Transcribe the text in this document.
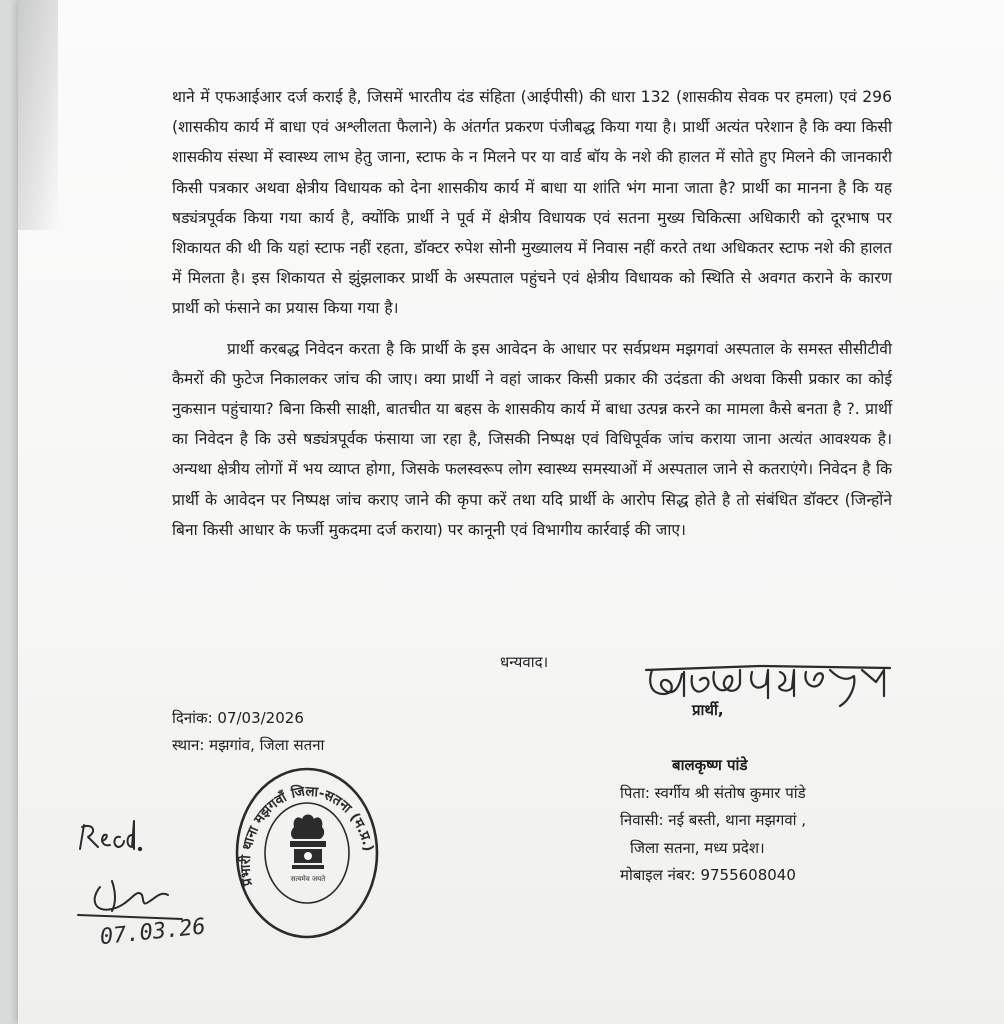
थाने में एफआईआर दर्ज कराई है, जिसमें भारतीय दंड संहिता (आईपीसी) की धारा 132 (शासकीय सेवक पर हमला) एवं 296 (शासकीय कार्य में बाधा एवं अश्लीलता फैलाने) के अंतर्गत प्रकरण पंजीबद्ध किया गया है। प्रार्थी अत्यंत परेशान है कि क्या किसी शासकीय संस्था में स्वास्थ्य लाभ हेतु जाना, स्टाफ के न मिलने पर या वार्ड बॉय के नशे की हालत में सोते हुए मिलने की जानकारी किसी पत्रकार अथवा क्षेत्रीय विधायक को देना शासकीय कार्य में बाधा या शांति भंग माना जाता है? प्रार्थी का मानना है कि यह षड्यंत्रपूर्वक किया गया कार्य है, क्योंकि प्रार्थी ने पूर्व में क्षेत्रीय विधायक एवं सतना मुख्य चिकित्सा अधिकारी को दूरभाष पर शिकायत की थी कि यहां स्टाफ नहीं रहता, डॉक्टर रुपेश सोनी मुख्यालय में निवास नहीं करते तथा अधिकतर स्टाफ नशे की हालत में मिलता है। इस शिकायत से झुंझलाकर प्रार्थी के अस्पताल पहुंचने एवं क्षेत्रीय विधायक को स्थिति से अवगत कराने के कारण प्रार्थी को फंसाने का प्रयास किया गया है।

प्रार्थी करबद्ध निवेदन करता है कि प्रार्थी के इस आवेदन के आधार पर सर्वप्रथम मझगवां अस्पताल के समस्त सीसीटीवी कैमरों की फुटेज निकालकर जांच की जाए। क्या प्रार्थी ने वहां जाकर किसी प्रकार की उदंडता की अथवा किसी प्रकार का कोई नुकसान पहुंचाया? बिना किसी साक्षी, बातचीत या बहस के शासकीय कार्य में बाधा उत्पन्न करने का मामला कैसे बनता है ?. प्रार्थी का निवेदन है कि उसे षड्यंत्रपूर्वक फंसाया जा रहा है, जिसकी निष्पक्ष एवं विधिपूर्वक जांच कराया जाना अत्यंत आवश्यक है। अन्यथा क्षेत्रीय लोगों में भय व्याप्त होगा, जिसके फलस्वरूप लोग स्वास्थ्य समस्याओं में अस्पताल जाने से कतराएंगे। निवेदन है कि प्रार्थी के आवेदन पर निष्पक्ष जांच कराए जाने की कृपा करें तथा यदि प्रार्थी के आरोप सिद्ध होते है तो संबंधित डॉक्टर (जिन्होंने बिना किसी आधार के फर्जी मुकदमा दर्ज कराया) पर कानूनी एवं विभागीय कार्रवाई की जाए।

धन्यवाद।
बालकृष्ण पाण्डेय
प्रार्थी,
दिनांक: 07/03/2026
स्थान: मझगांव, जिला सतना
बालकृष्ण पांडे
पिता: स्वर्गीय श्री संतोष कुमार पांडे
निवासी: नई बस्ती, थाना मझगवां ,
जिला सतना, मध्य प्रदेश।
मोबाइल नंबर: 9755608040
प्रभारी थाना मझगवाँ जिला-सतना (म.प्र.)
सत्यमेव जयते
Recd.
07.03.26
